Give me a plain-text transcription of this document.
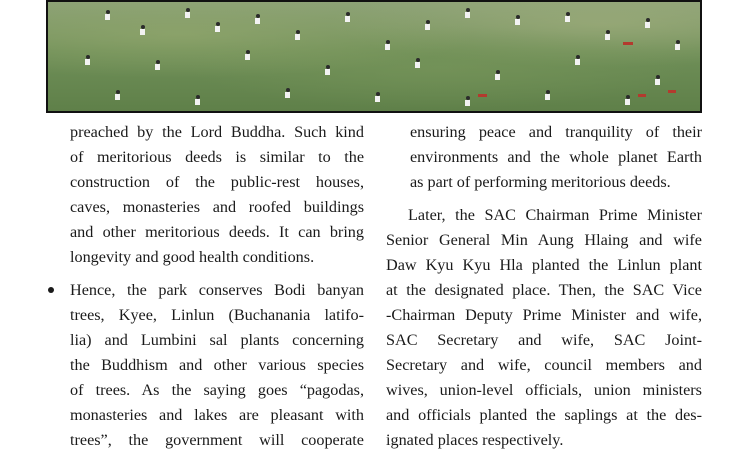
preached by the Lord Buddha. Such kind
of meritorious deeds is similar to the
construction of the public-rest houses,
caves, monasteries and roofed buildings
and other meritorious deeds. It can bring
longevity and good health conditions.
Hence, the park conserves Bodi banyan
trees, Kyee, Linlun (Buchanania latifo-
lia) and Lumbini sal plants concerning
the Buddhism and other various species
of trees. As the saying goes “pagodas,
monasteries and lakes are pleasant with
trees”, the government will cooperate
ensuring peace and tranquility of their
environments and the whole planet Earth
as part of performing meritorious deeds.
Later, the SAC Chairman Prime Minister
Senior General Min Aung Hlaing and wife
Daw Kyu Kyu Hla planted the Linlun plant
at the designated place. Then, the SAC Vice
-Chairman Deputy Prime Minister and wife,
SAC Secretary and wife, SAC Joint-
Secretary and wife, council members and
wives, union-level officials, union ministers
and officials planted the saplings at the des-
ignated places respectively.
